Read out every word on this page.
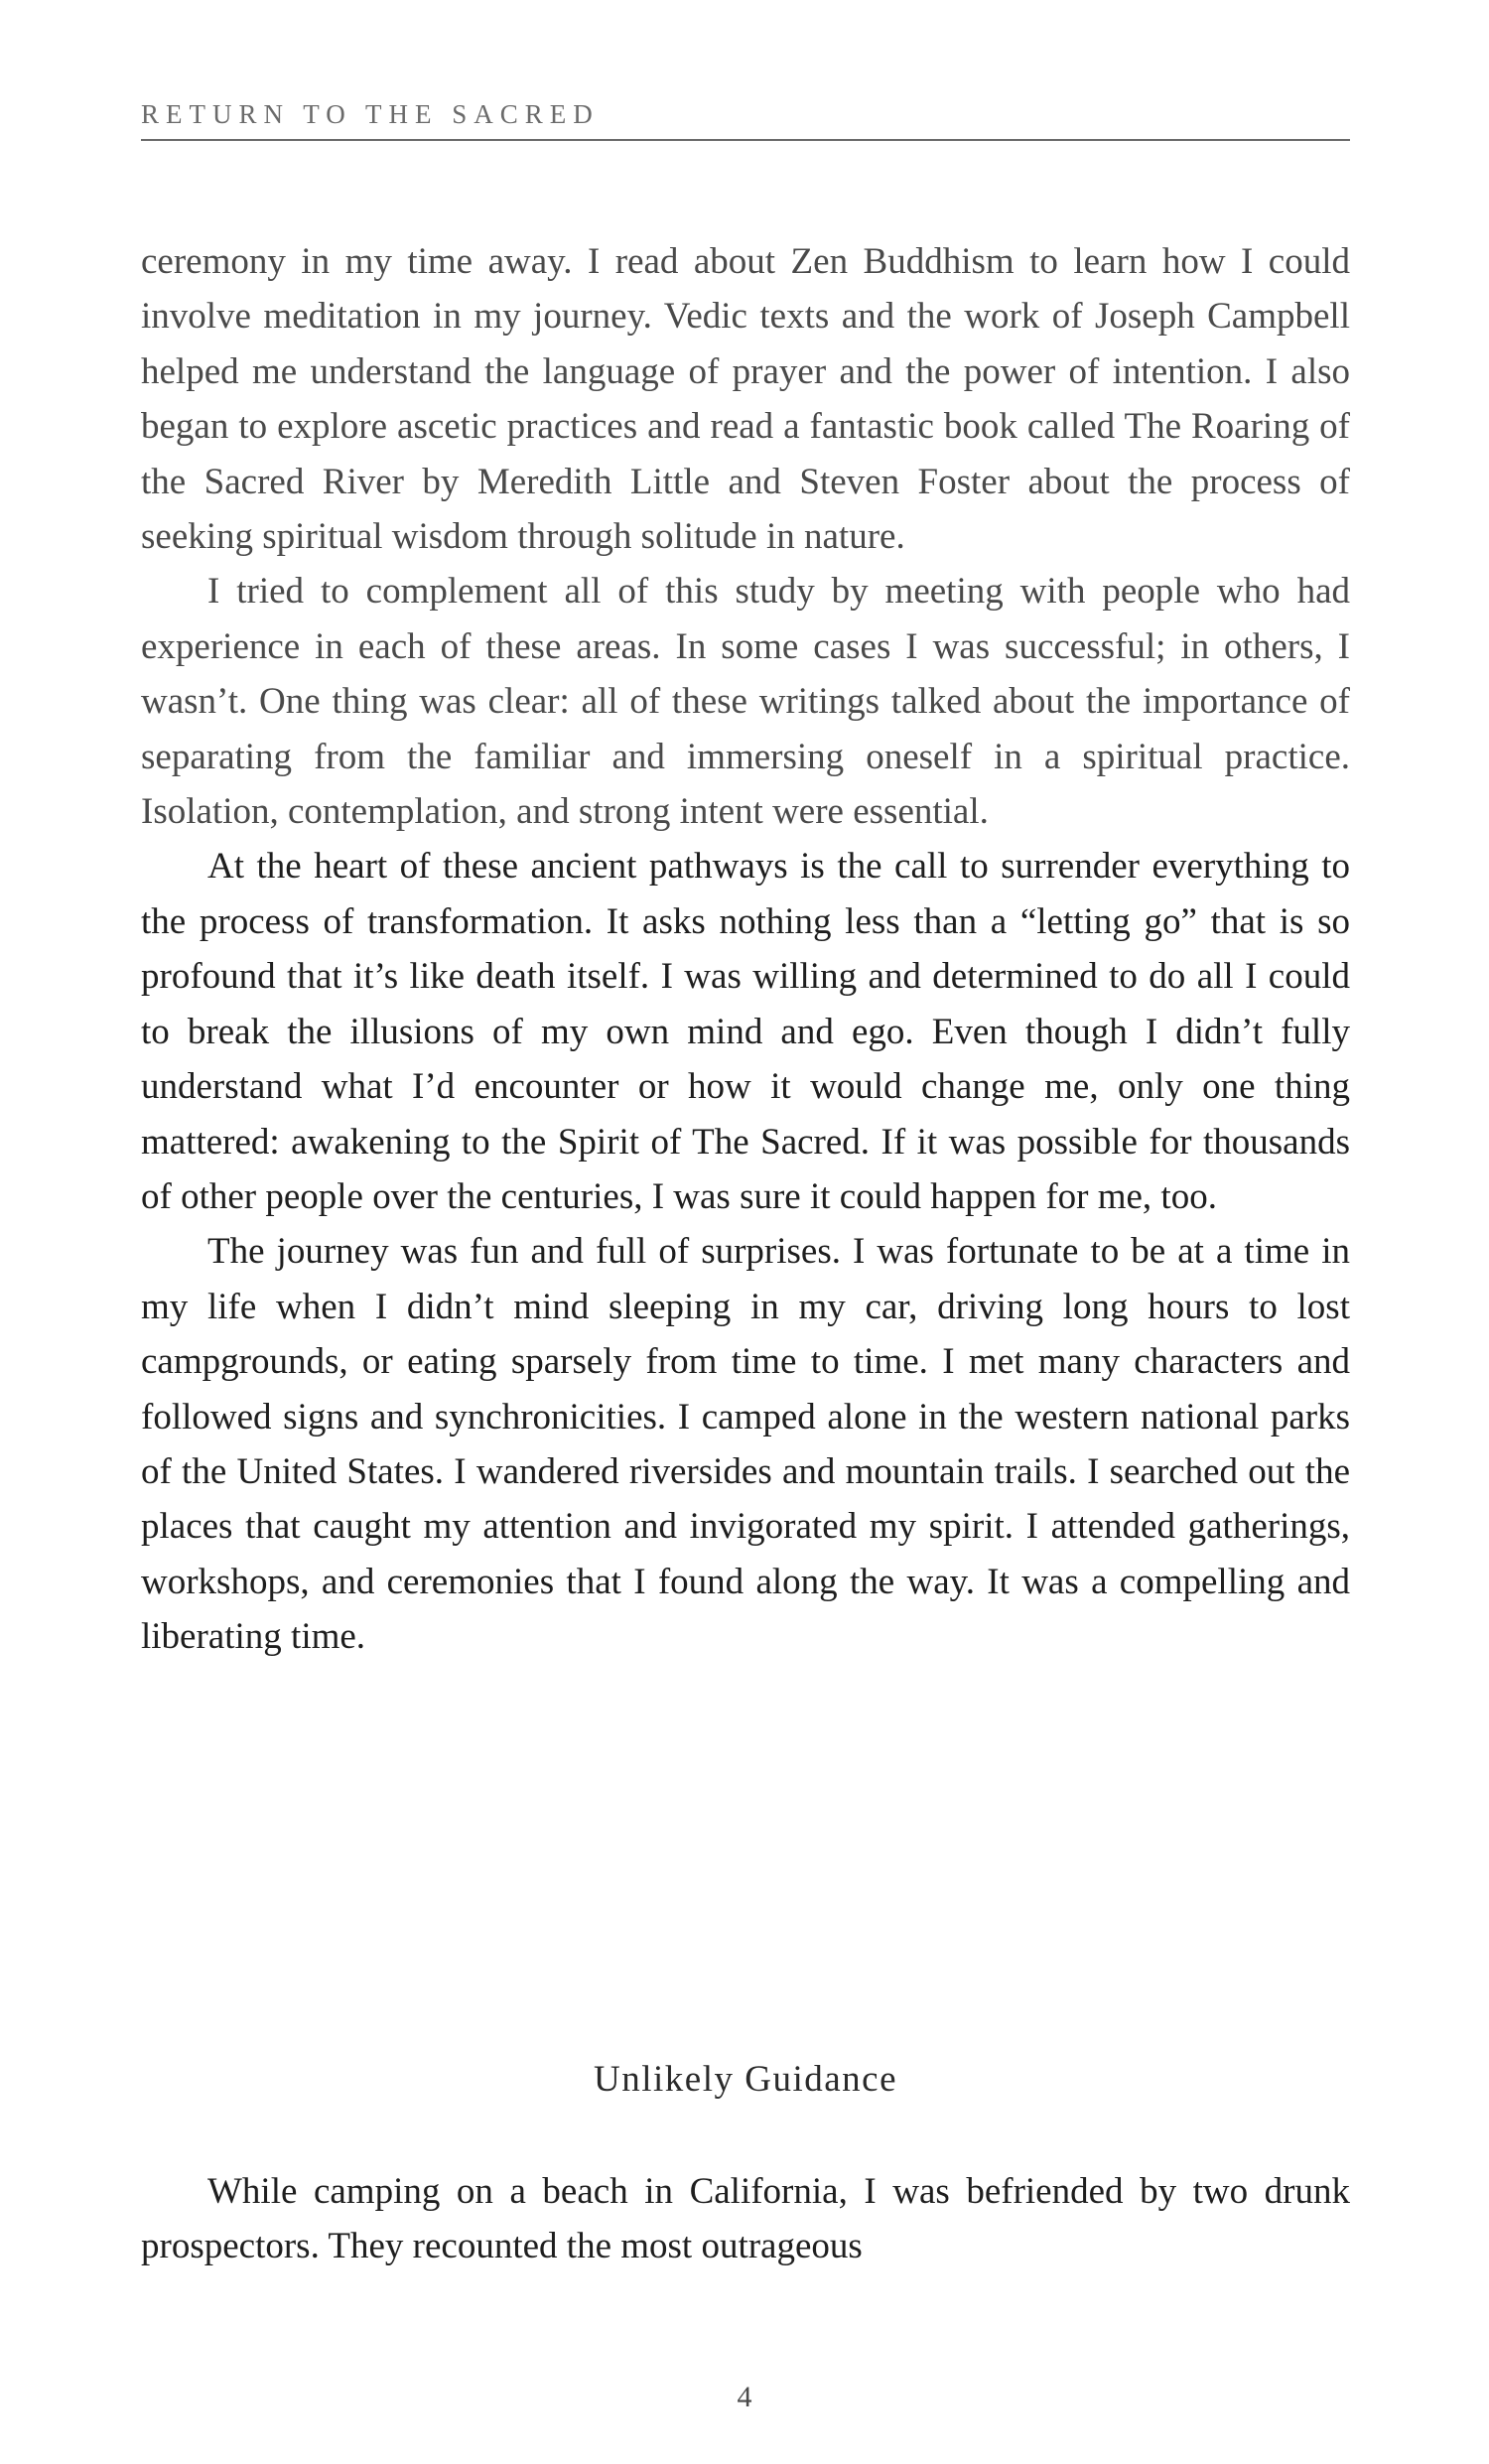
RETURN TO THE SACRED

ceremony in my time away. I read about Zen Buddhism to learn how I could involve meditation in my journey. Vedic texts and the work of Joseph Campbell helped me understand the language of prayer and the power of intention. I also began to explore ascetic practices and read a fantastic book called The Roaring of the Sacred River by Meredith Little and Steven Foster about the process of seeking spiritual wisdom through solitude in nature.

I tried to complement all of this study by meeting with people who had experience in each of these areas. In some cases I was successful; in others, I wasn’t. One thing was clear: all of these writings talked about the importance of separating from the familiar and immersing oneself in a spiritual practice. Isolation, contemplation, and strong intent were essential.

At the heart of these ancient pathways is the call to surrender everything to the process of transformation. It asks nothing less than a “letting go” that is so profound that it’s like death itself. I was willing and determined to do all I could to break the illusions of my own mind and ego. Even though I didn’t fully understand what I’d encounter or how it would change me, only one thing mattered: awakening to the Spirit of The Sacred. If it was possible for thousands of other people over the centuries, I was sure it could happen for me, too.

The journey was fun and full of surprises. I was fortunate to be at a time in my life when I didn’t mind sleeping in my car, driving long hours to lost campgrounds, or eating sparsely from time to time. I met many characters and followed signs and synchronicities. I camped alone in the western national parks of the United States. I wandered riversides and mountain trails. I searched out the places that caught my attention and invigorated my spirit. I attended gatherings, workshops, and ceremonies that I found along the way. It was a compelling and liberating time.

Unlikely Guidance

While camping on a beach in California, I was befriended by two drunk prospectors. They recounted the most outrageous

4
